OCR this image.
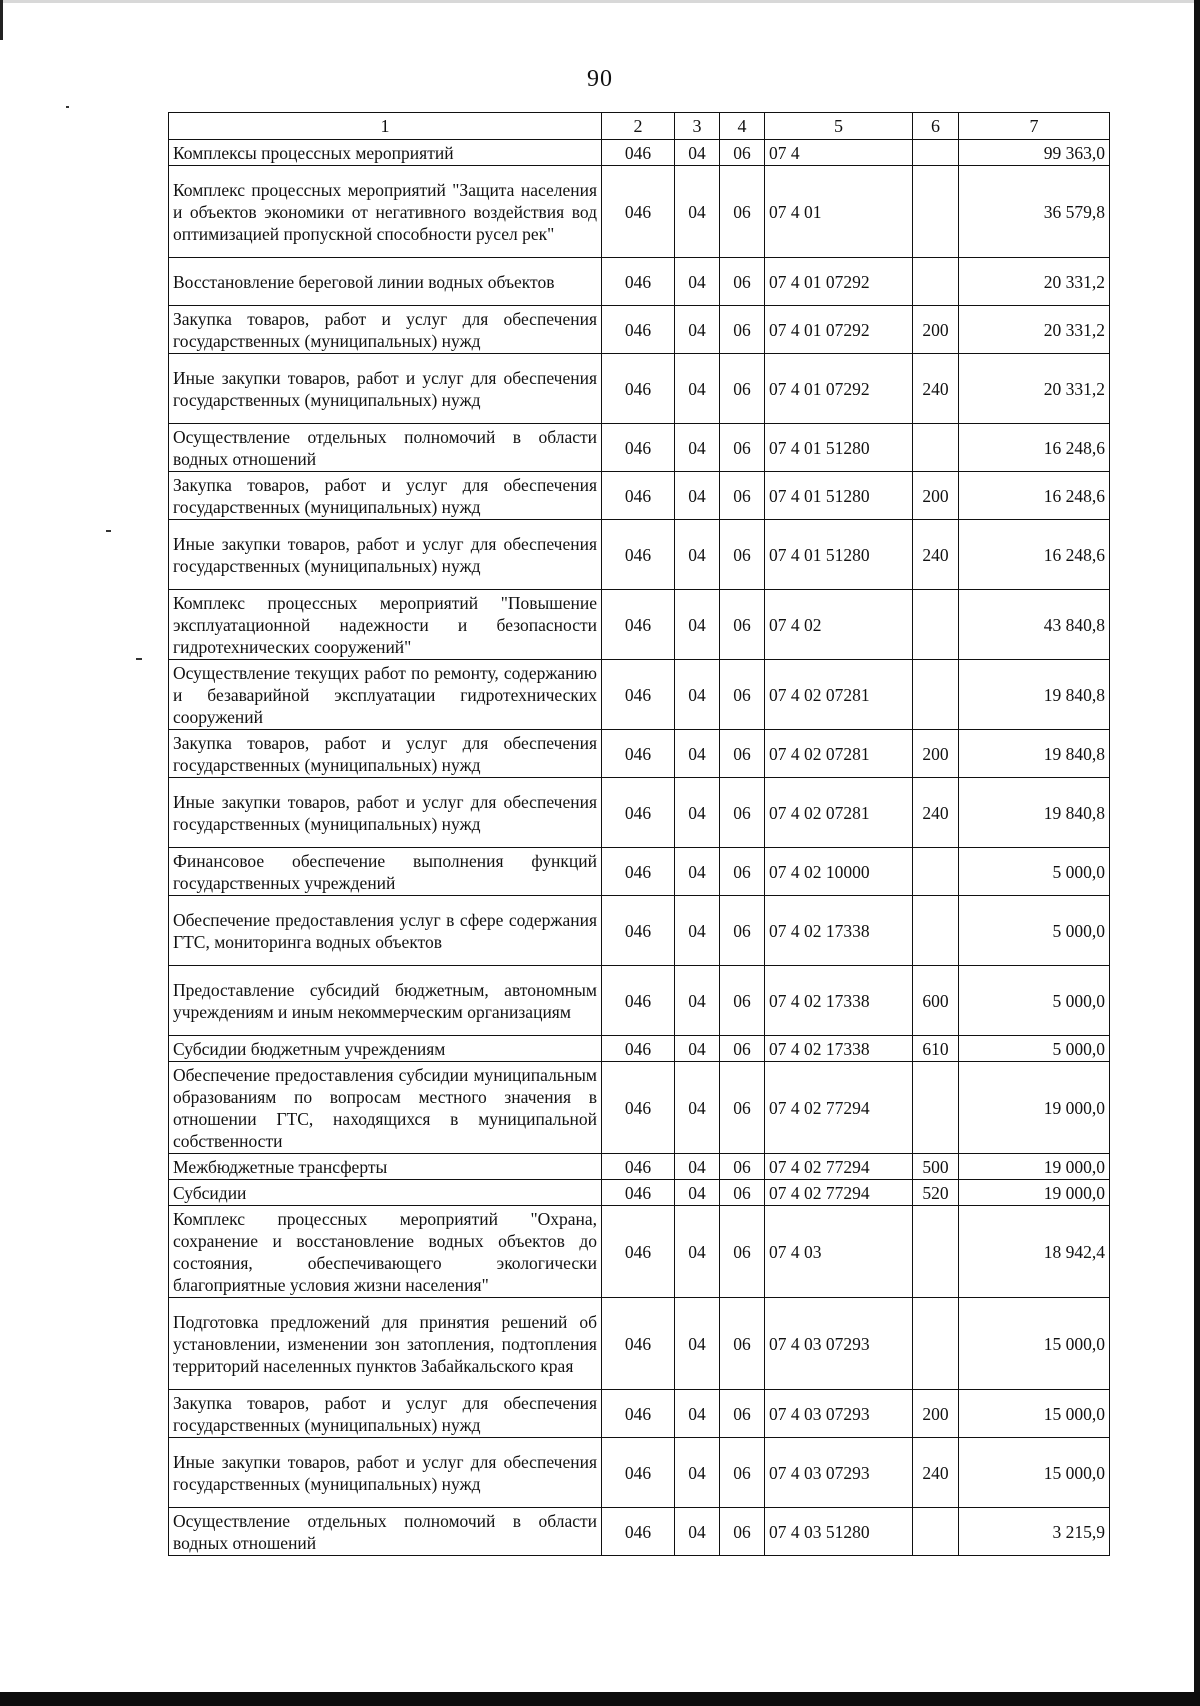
90
1	2	3	4	5	6	7
Комплексы процессных мероприятий	046	04	06	07 4		99 363,0
Комплекс процессных мероприятий "Защита населения и объектов экономики от негативного воздействия вод оптимизацией пропускной способности русел рек"	046	04	06	07 4 01		36 579,8
Восстановление береговой линии водных объектов	046	04	06	07 4 01 07292		20 331,2
Закупка товаров, работ и услуг для обеспечения государственных (муниципальных) нужд	046	04	06	07 4 01 07292	200	20 331,2
Иные закупки товаров, работ и услуг для обеспечения государственных (муниципальных) нужд	046	04	06	07 4 01 07292	240	20 331,2
Осуществление отдельных полномочий в области водных отношений	046	04	06	07 4 01 51280		16 248,6
Закупка товаров, работ и услуг для обеспечения государственных (муниципальных) нужд	046	04	06	07 4 01 51280	200	16 248,6
Иные закупки товаров, работ и услуг для обеспечения государственных (муниципальных) нужд	046	04	06	07 4 01 51280	240	16 248,6
Комплекс процессных мероприятий "Повышение эксплуатационной надежности и безопасности гидротехнических сооружений"	046	04	06	07 4 02		43 840,8
Осуществление текущих работ по ремонту, содержанию и безаварийной эксплуатации гидротехнических сооружений	046	04	06	07 4 02 07281		19 840,8
Закупка товаров, работ и услуг для обеспечения государственных (муниципальных) нужд	046	04	06	07 4 02 07281	200	19 840,8
Иные закупки товаров, работ и услуг для обеспечения государственных (муниципальных) нужд	046	04	06	07 4 02 07281	240	19 840,8
Финансовое обеспечение выполнения функций государственных учреждений	046	04	06	07 4 02 10000		5 000,0
Обеспечение предоставления услуг в сфере содержания ГТС, мониторинга водных объектов	046	04	06	07 4 02 17338		5 000,0
Предоставление субсидий бюджетным, автономным учреждениям и иным некоммерческим организациям	046	04	06	07 4 02 17338	600	5 000,0
Субсидии бюджетным учреждениям	046	04	06	07 4 02 17338	610	5 000,0
Обеспечение предоставления субсидии муниципальным образованиям по вопросам местного значения в отношении ГТС, находящихся в муниципальной собственности	046	04	06	07 4 02 77294		19 000,0
Межбюджетные трансферты	046	04	06	07 4 02 77294	500	19 000,0
Субсидии	046	04	06	07 4 02 77294	520	19 000,0
Комплекс процессных мероприятий "Охрана, сохранение и восстановление водных объектов до состояния, обеспечивающего экологически благоприятные условия жизни населения"	046	04	06	07 4 03		18 942,4
Подготовка предложений для принятия решений об установлении, изменении зон затопления, подтопления территорий населенных пунктов Забайкальского края	046	04	06	07 4 03 07293		15 000,0
Закупка товаров, работ и услуг для обеспечения государственных (муниципальных) нужд	046	04	06	07 4 03 07293	200	15 000,0
Иные закупки товаров, работ и услуг для обеспечения государственных (муниципальных) нужд	046	04	06	07 4 03 07293	240	15 000,0
Осуществление отдельных полномочий в области водных отношений	046	04	06	07 4 03 51280		3 215,9
